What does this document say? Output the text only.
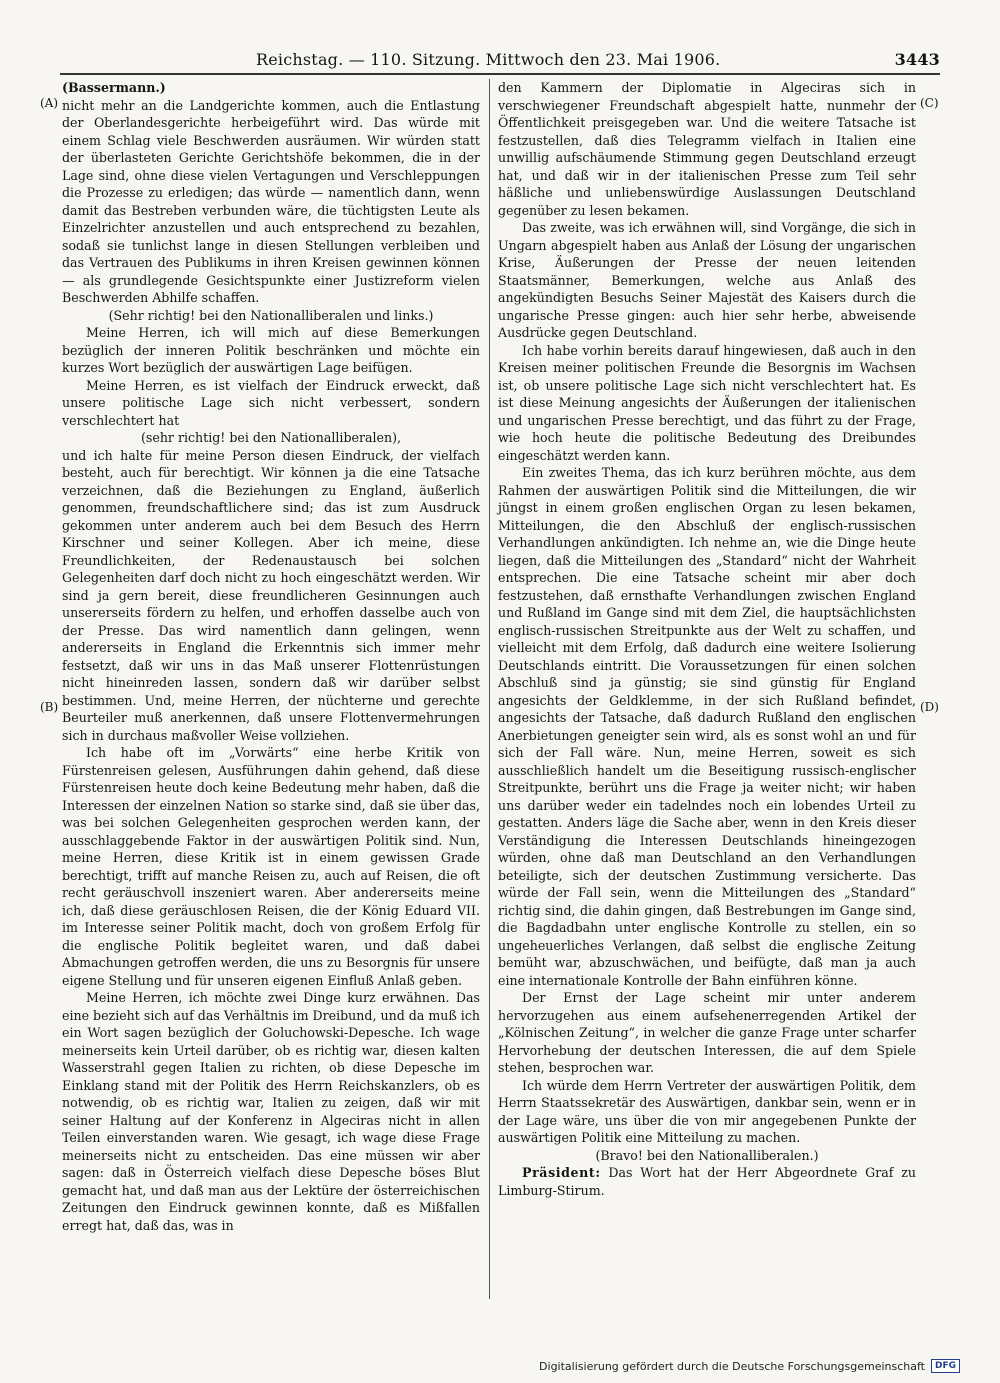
Reichstag. — 110. Sitzung. Mittwoch den 23. Mai 1906.	3443
(A)
(B)
(C)
(D)

(Bassermann.)

nicht mehr an die Landgerichte kommen, auch die Entlastung der Oberlandesgerichte herbeigeführt wird. Das würde mit einem Schlag viele Beschwerden ausräumen. Wir würden statt der überlasteten Gerichte Gerichtshöfe bekommen, die in der Lage sind, ohne diese vielen Vertagungen und Verschleppungen die Prozesse zu erledigen; das würde — namentlich dann, wenn damit das Bestreben verbunden wäre, die tüchtigsten Leute als Einzelrichter anzustellen und auch entsprechend zu bezahlen, sodaß sie tunlichst lange in diesen Stellungen verbleiben und das Vertrauen des Publikums in ihren Kreisen gewinnen können — als grundlegende Gesichtspunkte einer Justizreform vielen Beschwerden Abhilfe schaffen.

(Sehr richtig! bei den Nationalliberalen und links.)

Meine Herren, ich will mich auf diese Bemerkungen bezüglich der inneren Politik beschränken und möchte ein kurzes Wort bezüglich der auswärtigen Lage beifügen.

Meine Herren, es ist vielfach der Eindruck erweckt, daß unsere politische Lage sich nicht verbessert, sondern verschlechtert hat

(sehr richtig! bei den Nationalliberalen),

und ich halte für meine Person diesen Eindruck, der vielfach besteht, auch für berechtigt. Wir können ja die eine Tatsache verzeichnen, daß die Beziehungen zu England, äußerlich genommen, freundschaftlichere sind; das ist zum Ausdruck gekommen unter anderem auch bei dem Besuch des Herrn Kirschner und seiner Kollegen. Aber ich meine, diese Freundlichkeiten, der Redenaustausch bei solchen Gelegenheiten darf doch nicht zu hoch eingeschätzt werden. Wir sind ja gern bereit, diese freundlicheren Gesinnungen auch unsererseits fördern zu helfen, und erhoffen dasselbe auch von der Presse. Das wird namentlich dann gelingen, wenn andererseits in England die Erkenntnis sich immer mehr festsetzt, daß wir uns in das Maß unserer Flottenrüstungen nicht hineinreden lassen, sondern daß wir darüber selbst bestimmen. Und, meine Herren, der nüchterne und gerechte Beurteiler muß anerkennen, daß unsere Flottenvermehrungen sich in durchaus maßvoller Weise vollziehen.

Ich habe oft im „Vorwärts“ eine herbe Kritik von Fürstenreisen gelesen, Ausführungen dahin gehend, daß diese Fürstenreisen heute doch keine Bedeutung mehr haben, daß die Interessen der einzelnen Nation so starke sind, daß sie über das, was bei solchen Gelegenheiten gesprochen werden kann, der ausschlaggebende Faktor in der auswärtigen Politik sind. Nun, meine Herren, diese Kritik ist in einem gewissen Grade berechtigt, trifft auf manche Reisen zu, auch auf Reisen, die oft recht geräuschvoll inszeniert waren. Aber andererseits meine ich, daß diese geräuschlosen Reisen, die der König Eduard VII. im Interesse seiner Politik macht, doch von großem Erfolg für die englische Politik begleitet waren, und daß dabei Abmachungen getroffen werden, die uns zu Besorgnis für unsere eigene Stellung und für unseren eigenen Einfluß Anlaß geben.

Meine Herren, ich möchte zwei Dinge kurz erwähnen. Das eine bezieht sich auf das Verhältnis im Dreibund, und da muß ich ein Wort sagen bezüglich der Goluchowski-Depesche. Ich wage meinerseits kein Urteil darüber, ob es richtig war, diesen kalten Wasserstrahl gegen Italien zu richten, ob diese Depesche im Einklang stand mit der Politik des Herrn Reichskanzlers, ob es notwendig, ob es richtig war, Italien zu zeigen, daß wir mit seiner Haltung auf der Konferenz in Algeciras nicht in allen Teilen einverstanden waren. Wie gesagt, ich wage diese Frage meinerseits nicht zu entscheiden. Das eine müssen wir aber sagen: daß in Österreich vielfach diese Depesche böses Blut gemacht hat, und daß man aus der Lektüre der österreichischen Zeitungen den Eindruck gewinnen konnte, daß es Mißfallen erregt hat, daß das, was in

den Kammern der Diplomatie in Algeciras sich in verschwiegener Freundschaft abgespielt hatte, nunmehr der Öffentlichkeit preisgegeben war. Und die weitere Tatsache ist festzustellen, daß dies Telegramm vielfach in Italien eine unwillig aufschäumende Stimmung gegen Deutschland erzeugt hat, und daß wir in der italienischen Presse zum Teil sehr häßliche und unliebenswürdige Auslassungen Deutschland gegenüber zu lesen bekamen.

Das zweite, was ich erwähnen will, sind Vorgänge, die sich in Ungarn abgespielt haben aus Anlaß der Lösung der ungarischen Krise, Äußerungen der Presse der neuen leitenden Staatsmänner, Bemerkungen, welche aus Anlaß des angekündigten Besuchs Seiner Majestät des Kaisers durch die ungarische Presse gingen: auch hier sehr herbe, abweisende Ausdrücke gegen Deutschland.

Ich habe vorhin bereits darauf hingewiesen, daß auch in den Kreisen meiner politischen Freunde die Besorgnis im Wachsen ist, ob unsere politische Lage sich nicht verschlechtert hat. Es ist diese Meinung angesichts der Äußerungen der italienischen und ungarischen Presse berechtigt, und das führt zu der Frage, wie hoch heute die politische Bedeutung des Dreibundes eingeschätzt werden kann.

Ein zweites Thema, das ich kurz berühren möchte, aus dem Rahmen der auswärtigen Politik sind die Mitteilungen, die wir jüngst in einem großen englischen Organ zu lesen bekamen, Mitteilungen, die den Abschluß der englisch-russischen Verhandlungen ankündigten. Ich nehme an, wie die Dinge heute liegen, daß die Mitteilungen des „Standard“ nicht der Wahrheit entsprechen. Die eine Tatsache scheint mir aber doch festzustehen, daß ernsthafte Verhandlungen zwischen England und Rußland im Gange sind mit dem Ziel, die hauptsächlichsten englisch-russischen Streitpunkte aus der Welt zu schaffen, und vielleicht mit dem Erfolg, daß dadurch eine weitere Isolierung Deutschlands eintritt. Die Voraussetzungen für einen solchen Abschluß sind ja günstig; sie sind günstig für England angesichts der Geldklemme, in der sich Rußland befindet, angesichts der Tatsache, daß dadurch Rußland den englischen Anerbietungen geneigter sein wird, als es sonst wohl an und für sich der Fall wäre. Nun, meine Herren, soweit es sich ausschließlich handelt um die Beseitigung russisch-englischer Streitpunkte, berührt uns die Frage ja weiter nicht; wir haben uns darüber weder ein tadelndes noch ein lobendes Urteil zu gestatten. Anders läge die Sache aber, wenn in den Kreis dieser Verständigung die Interessen Deutschlands hineingezogen würden, ohne daß man Deutschland an den Verhandlungen beteiligte, sich der deutschen Zustimmung versicherte. Das würde der Fall sein, wenn die Mitteilungen des „Standard“ richtig sind, die dahin gingen, daß Bestrebungen im Gange sind, die Bagdadbahn unter englische Kontrolle zu stellen, ein so ungeheuerliches Verlangen, daß selbst die englische Zeitung bemüht war, abzuschwächen, und beifügte, daß man ja auch eine internationale Kontrolle der Bahn einführen könne.

Der Ernst der Lage scheint mir unter anderem hervorzugehen aus einem aufsehenerregenden Artikel der „Kölnischen Zeitung“, in welcher die ganze Frage unter scharfer Hervorhebung der deutschen Interessen, die auf dem Spiele stehen, besprochen war.

Ich würde dem Herrn Vertreter der auswärtigen Politik, dem Herrn Staatssekretär des Auswärtigen, dankbar sein, wenn er in der Lage wäre, uns über die von mir angegebenen Punkte der auswärtigen Politik eine Mitteilung zu machen.

(Bravo! bei den Nationalliberalen.)

Präsident: Das Wort hat der Herr Abgeordnete Graf zu Limburg-Stirum.

Digitalisierung gefördert durch die Deutsche Forschungsgemeinschaft	DFG
